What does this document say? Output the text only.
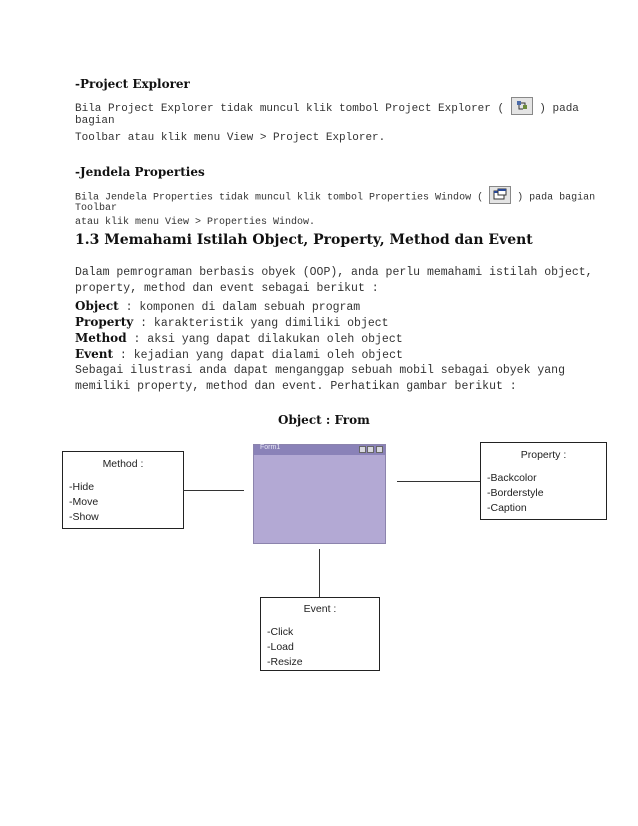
-Project Explorer
Bila Project Explorer tidak muncul klik tombol Project Explorer (	) pada
bagian
Toolbar atau klik menu View > Project Explorer.
-Jendela Properties
Bila Jendela Properties tidak muncul klik tombol Properties Window (	) pada bagian
Toolbar
atau klik menu View > Properties Window.
1.3 Memahami Istilah Object, Property, Method dan Event
Dalam pemrograman berbasis obyek (OOP), anda perlu memahami istilah object,
property, method dan event sebagai berikut :
Object : komponen di dalam sebuah program
Property : karakteristik yang dimiliki object
Method : aksi yang dapat dilakukan oleh object
Event : kejadian yang dapat dialami oleh object
Sebagai ilustrasi anda dapat menganggap sebuah mobil sebagai obyek yang
memiliki property, method dan event. Perhatikan gambar berikut :
Object : From
Method :
-Hide
-Move
-Show
Form1
Property :
-Backcolor
-Borderstyle
-Caption
Event :
-Click
-Load
-Resize
